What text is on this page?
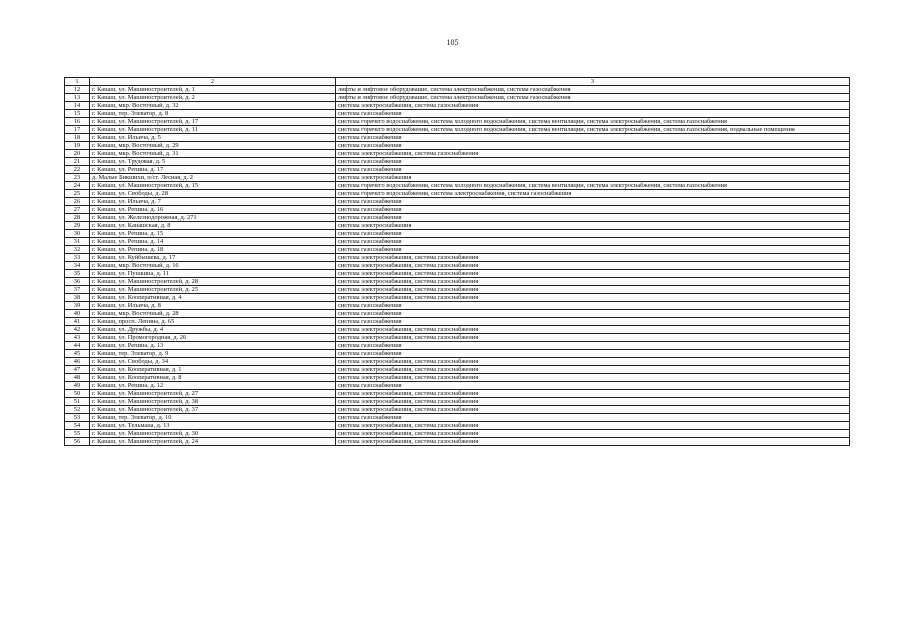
105
1	2	3
12	г. Канаш, ул. Машиностроителей, д. 1	лифты и лифтовое оборудование, система электроснабжения, система газоснабжения
13	г. Канаш, ул. Машиностроителей, д. 2	лифты и лифтовое оборудование, система электроснабжения, система газоснабжения
14	г. Канаш, мкр. Восточный, д. 32	система электроснабжения, система газоснабжения
15	г. Канаш, тер. Элеватор, д. 8	система газоснабжения
16	г. Канаш, ул. Машиностроителей, д. 17	система горячего водоснабжения, система холодного водоснабжения, система вентиляции, система электроснабжения, система газоснабжения
17	г. Канаш, ул. Машиностроителей, д. 11	система горячего водоснабжения, система холодного водоснабжения, система вентиляции, система электроснабжения, система газоснабжения, подвальные помещения
18	г. Канаш, ул. Ильича, д. 5	система газоснабжения
19	г. Канаш, мкр. Восточный, д. 29	система газоснабжения
20	г. Канаш, мкр. Восточный, д. 31	система электроснабжения, система газоснабжения
21	г. Канаш, ул. Трудовая, д. 5	система газоснабжения
22	г. Канаш, ул. Репина, д. 17	система газоснабжения
23	д. Малые Бикшихи, п/ст. Лесная, д. 2	система электроснабжения
24	г. Канаш, ул. Машиностроителей, д. 15	система горячего водоснабжения, система холодного водоснабжения, система вентиляции, система электроснабжения, система газоснабжения
25	г. Канаш, ул. Свободы, д. 28	система горячего водоснабжения, система электроснабжения, система газоснабжения
26	г. Канаш, ул. Ильича, д. 7	система газоснабжения
27	г. Канаш, ул. Репина, д. 16	система газоснабжения
28	г. Канаш, ул. Железнодорожная, д. 271	система газоснабжения
29	г. Канаш, ул. Канашская, д. 8	система электроснабжения
30	г. Канаш, ул. Репина, д. 15	система газоснабжения
31	г. Канаш, ул. Репина, д. 14	система газоснабжения
32	г. Канаш, ул. Репина, д. 18	система газоснабжения
33	г. Канаш, ул. Куйбышева, д. 17	система электроснабжения, система газоснабжения
34	г. Канаш, мкр. Восточный, д. 16	система электроснабжения, система газоснабжения
35	г. Канаш, ул. Пушкина, д. 11	система электроснабжения, система газоснабжения
36	г. Канаш, ул. Машиностроителей, д. 28	система электроснабжения, система газоснабжения
37	г. Канаш, ул. Машиностроителей, д. 25	система электроснабжения, система газоснабжения
38	г. Канаш, ул. Кооперативная, д. 4	система электроснабжения, система газоснабжения
39	г. Канаш, ул. Ильича, д. 8	система газоснабжения
40	г. Канаш, мкр. Восточный, д. 28	система газоснабжения
41	г. Канаш, просп. Ленина, д. 65	система газоснабжения
42	г. Канаш, ул. Дружбы, д. 4	система электроснабжения, система газоснабжения
43	г. Канаш, ул. Промогородная, д. 26	система электроснабжения, система газоснабжения
44	г. Канаш, ул. Репина, д. 13	система газоснабжения
45	г. Канаш, тер. Элеватор, д. 9	система газоснабжения
46	г. Канаш, ул. Свободы, д. 34	система электроснабжения, система газоснабжения
47	г. Канаш, ул. Кооперативная, д. 1	система электроснабжения, система газоснабжения
48	г. Канаш, ул. Кооперативная, д. 8	система электроснабжения, система газоснабжения
49	г. Канаш, ул. Репина, д. 12	система газоснабжения
50	г. Канаш, ул. Машиностроителей, д. 27	система электроснабжения, система газоснабжения
51	г. Канаш, ул. Машиностроителей, д. 38	система электроснабжения, система газоснабжения
52	г. Канаш, ул. Машиностроителей, д. 37	система электроснабжения, система газоснабжения
53	г. Канаш, тер. Элеватор, д. 10	система газоснабжения
54	г. Канаш, ул. Тельмана, д. 13	система электроснабжения, система газоснабжения
55	г. Канаш, ул. Машиностроителей, д. 30	система электроснабжения, система газоснабжения
56	г. Канаш, ул. Машиностроителей, д. 24	система электроснабжения, система газоснабжения
